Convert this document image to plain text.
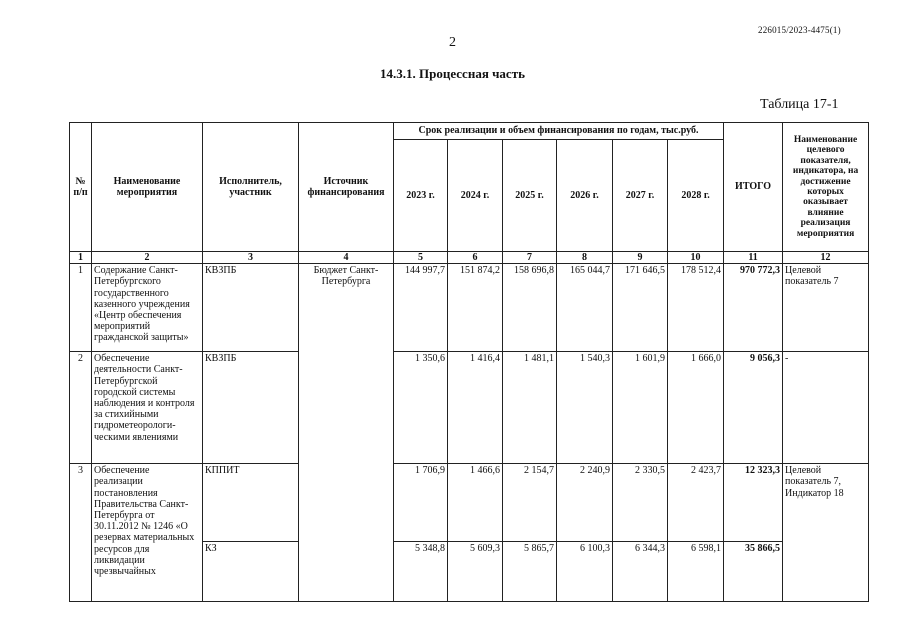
226015/2023-4475(1)
2
14.3.1. Процессная часть
Таблица 17-1
№ п/п	Наименование мероприятия	Исполнитель, участник	Источник финансирования	Срок реализации и объем финансирования по годам, тыс.руб.						ИТОГО	Наименование целевого показателя, индикатора, на достижение которых оказывает влияние реализация мероприятия
				2023 г.	2024 г.	2025 г.	2026 г.	2027 г.	2028 г.		
1	2	3	4	5	6	7	8	9	10	11	12
1	Содержание Санкт-Петербургского государственного казенного учреждения «Центр обеспечения мероприятий гражданской защиты»	КВЗПБ	Бюджет Санкт-Петербурга	144 997,7	151 874,2	158 696,8	165 044,7	171 646,5	178 512,4	970 772,3	Целевой показатель 7
2	Обеспечение деятельности Санкт-Петербургской городской системы наблюдения и контроля за стихийными гидрометеорологи-ческими явлениями	КВЗПБ		1 350,6	1 416,4	1 481,1	1 540,3	1 601,9	1 666,0	9 056,3	-
3	Обеспечение реализации постановления Правительства Санкт-Петербурга от 30.11.2012 № 1246 «О резервах материальных ресурсов для ликвидации чрезвычайных	КППИТ		1 706,9	1 466,6	2 154,7	2 240,9	2 330,5	2 423,7	12 323,3	Целевой показатель 7, Индикатор 18
		КЗ		5 348,8	5 609,3	5 865,7	6 100,3	6 344,3	6 598,1	35 866,5	
